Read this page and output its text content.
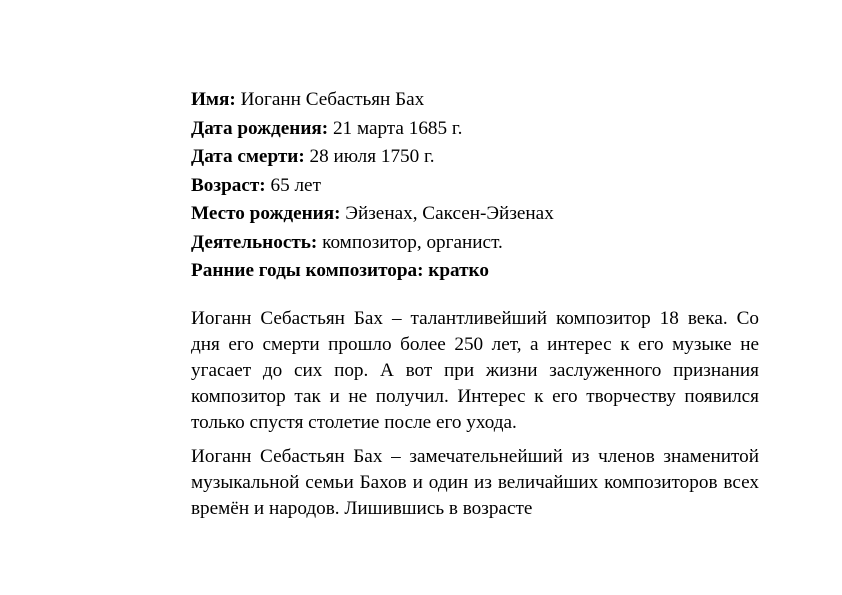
Имя: Иоганн Себастьян Бах
Дата рождения: 21 марта 1685 г.
Дата смерти: 28 июля 1750 г.
Возраст: 65 лет
Место рождения: Эйзенах, Саксен-Эйзенах
Деятельность: композитор, органист.
Ранние годы композитора: кратко

Иоганн Себастьян Бах – талантливейший композитор 18 века. Со дня его смерти прошло более 250 лет, а интерес к его музыке не угасает до сих пор. А вот при жизни заслуженного признания композитор так и не получил. Интерес к его творчеству появился только спустя столетие после его ухода.

Иоганн Себастьян Бах – замечательнейший из членов знаменитой музыкальной семьи Бахов и один из величайших композиторов всех времён и народов. Лишившись в возрасте
